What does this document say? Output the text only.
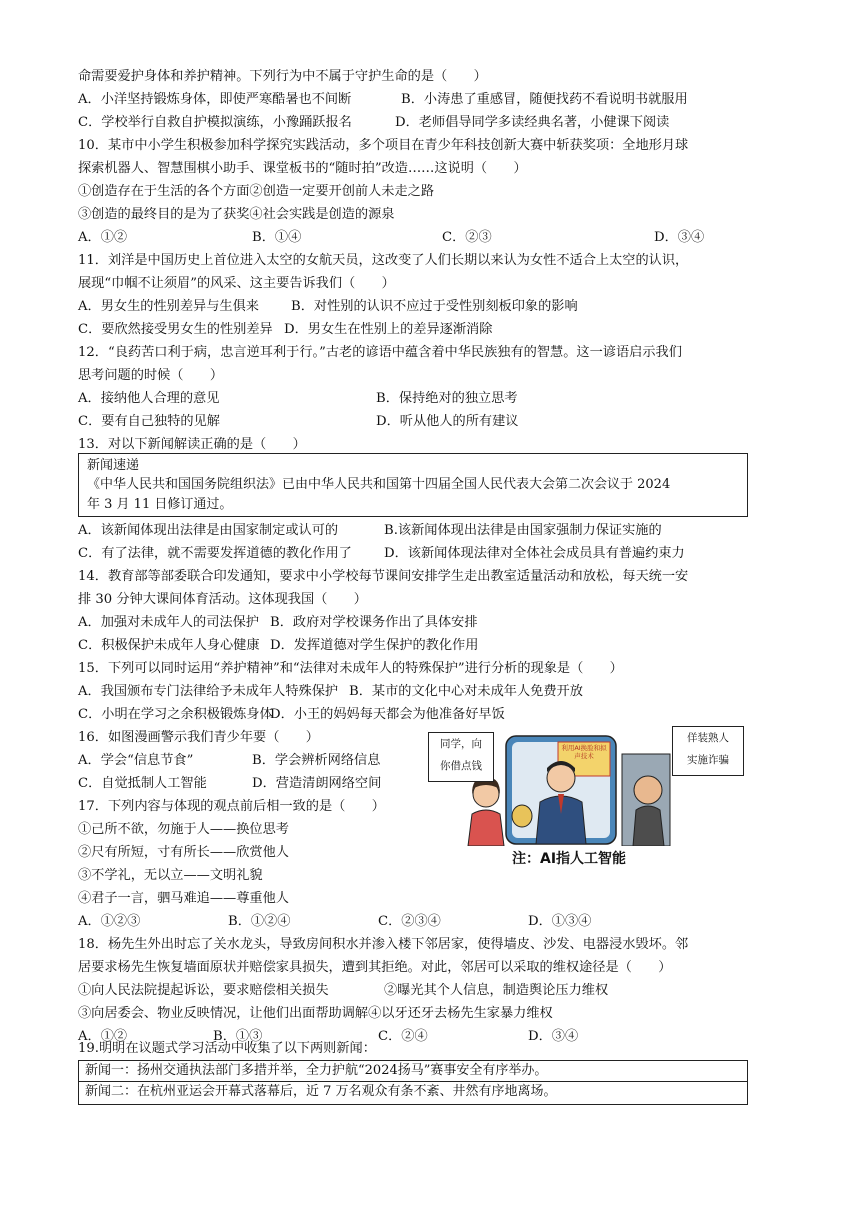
命需要爱护身体和养护精神。下列行为中不属于守护生命的是（　　）
A．小洋坚持锻炼身体，即使严寒酷暑也不间断	B．小涛患了重感冒，随便找药不看说明书就服用
C．学校举行自救自护模拟演练，小豫踊跃报名	D．老师倡导同学多读经典名著，小健课下阅读
10．某市中小学生积极参加科学探究实践活动，多个项目在青少年科技创新大赛中斩获奖项：全地形月球
探索机器人、智慧围棋小助手、课堂板书的“随时拍”改造……这说明（　　）
①创造存在于生活的各个方面②创造一定要开创前人未走之路
③创造的最终目的是为了获奖④社会实践是创造的源泉
A．①②	B．①④	C．②③	D．③④
11．刘洋是中国历史上首位进入太空的女航天员，这改变了人们长期以来认为女性不适合上太空的认识，
展现“巾帼不让须眉”的风采、这主要告诉我们（　　）
A．男女生的性别差异与生俱来 B．对性别的认识不应过于受性别刻板印象的影响
C．要欣然接受男女生的性别差异 D．男女生在性别上的差异逐渐消除
12．“良药苦口利于病，忠言逆耳利于行。”古老的谚语中蕴含着中华民族独有的智慧。这一谚语启示我们
思考问题的时候（　　）
A．接纳他人合理的意见	B．保持绝对的独立思考
C．要有自己独特的见解	D．听从他人的所有建议
13．对以下新闻解读正确的是（　　）
新闻速递
《中华人民共和国国务院组织法》已由中华人民共和国第十四届全国人民代表大会第二次会议于 2024
年 3 月 11 日修订通过。
A．该新闻体现出法律是由国家制定或认可的	B.该新闻体现出法律是由国家强制力保证实施的
C．有了法律，就不需要发挥道德的教化作用了 D．该新闻体现法律对全体社会成员具有普遍约束力
14．教育部等部委联合印发通知，要求中小学校每节课间安排学生走出教室适量活动和放松，每天统一安
排 30 分钟大课间体育活动。这体现我国（　　）
A．加强对未成年人的司法保护 B．政府对学校课务作出了具体安排
C．积极保护未成年人身心健康 D．发挥道德对学生保护的教化作用
15．下列可以同时运用“养护精神”和“法律对未成年人的特殊保护”进行分析的现象是（　　）
A．我国颁布专门法律给予未成年人特殊保护 B．某市的文化中心对未成年人免费开放
C．小明在学习之余积极锻炼身体
D．小王的妈妈每天都会为他准备好早饭
16．如图漫画警示我们青少年要（　　）
A．学会“信息节食”	B．学会辨析网络信息
C．自觉抵制人工智能	D．营造清朗网络空间
同学，向
你借点钱
佯装熟人
实施诈骗
利用AI换脸和拟声技术
注：AI指人工智能
17．下列内容与体现的观点前后相一致的是（　　）
①己所不欲，勿施于人——换位思考
②尺有所短，寸有所长——欣赏他人
③不学礼，无以立——文明礼貌
④君子一言，驷马难追——尊重他人
A．①②③	B．①②④	C．②③④	D．①③④
18．杨先生外出时忘了关水龙头，导致房间积水并渗入楼下邻居家，使得墙皮、沙发、电器浸水毁坏。邻
居要求杨先生恢复墙面原状并赔偿家具损失，遭到其拒绝。对此，邻居可以采取的维权途径是（　　）
①向人民法院提起诉讼，要求赔偿相关损失	②曝光其个人信息，制造舆论压力维权
③向居委会、物业反映情况，让他们出面帮助调解④以牙还牙去杨先生家暴力维权
A．①②	B．①③	C．②④	D．③④
19.明明在议题式学习活动中收集了以下两则新闻：
新闻一：扬州交通执法部门多措并举，全力护航“2024扬马”赛事安全有序举办。
新闻二：在杭州亚运会开幕式落幕后，近 7 万名观众有条不紊、井然有序地离场。
